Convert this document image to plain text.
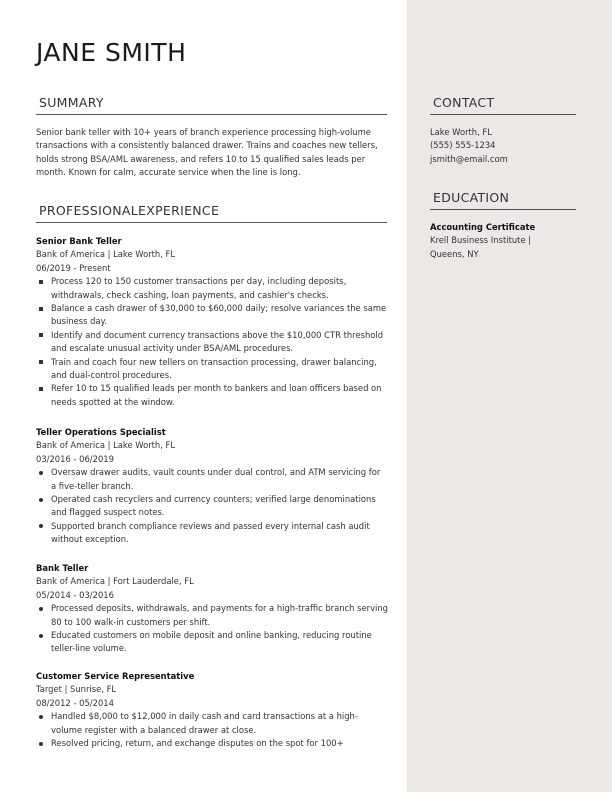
JANE SMITH
SUMMARY

Senior bank teller with 10+ years of branch experience processing high-volume transactions with a consistently balanced drawer. Trains and coaches new tellers, holds strong BSA/AML awareness, and refers 10 to 15 qualified sales leads per month. Known for calm, accurate service when the line is long.

PROFESSIONALEXPERIENCE
Senior Bank Teller
Bank of America | Lake Worth, FL
06/2019 - Present
Process 120 to 150 customer transactions per day, including deposits, withdrawals, check cashing, loan payments, and cashier's checks.
Balance a cash drawer of $30,000 to $60,000 daily; resolve variances the same business day.
Identify and document currency transactions above the $10,000 CTR threshold and escalate unusual activity under BSA/AML procedures.
Train and coach four new tellers on transaction processing, drawer balancing, and dual-control procedures.
Refer 10 to 15 qualified leads per month to bankers and loan officers based on needs spotted at the window.
Teller Operations Specialist
Bank of America | Lake Worth, FL
03/2016 - 06/2019
Oversaw drawer audits, vault counts under dual control, and ATM servicing for a five-teller branch.
Operated cash recyclers and currency counters; verified large denominations and flagged suspect notes.
Supported branch compliance reviews and passed every internal cash audit without exception.
Bank Teller
Bank of America | Fort Lauderdale, FL
05/2014 - 03/2016
Processed deposits, withdrawals, and payments for a high-traffic branch serving 80 to 100 walk-in customers per shift.
Educated customers on mobile deposit and online banking, reducing routine teller-line volume.
Customer Service Representative
Target | Sunrise, FL
08/2012 - 05/2014
Handled $8,000 to $12,000 in daily cash and card transactions at a high-volume register with a balanced drawer at close.
Resolved pricing, return, and exchange disputes on the spot for 100+
CONTACT
Lake Worth, FL
(555) 555-1234
jsmith@email.com
EDUCATION
Accounting Certificate
Krell Business Institute | Queens, NY
